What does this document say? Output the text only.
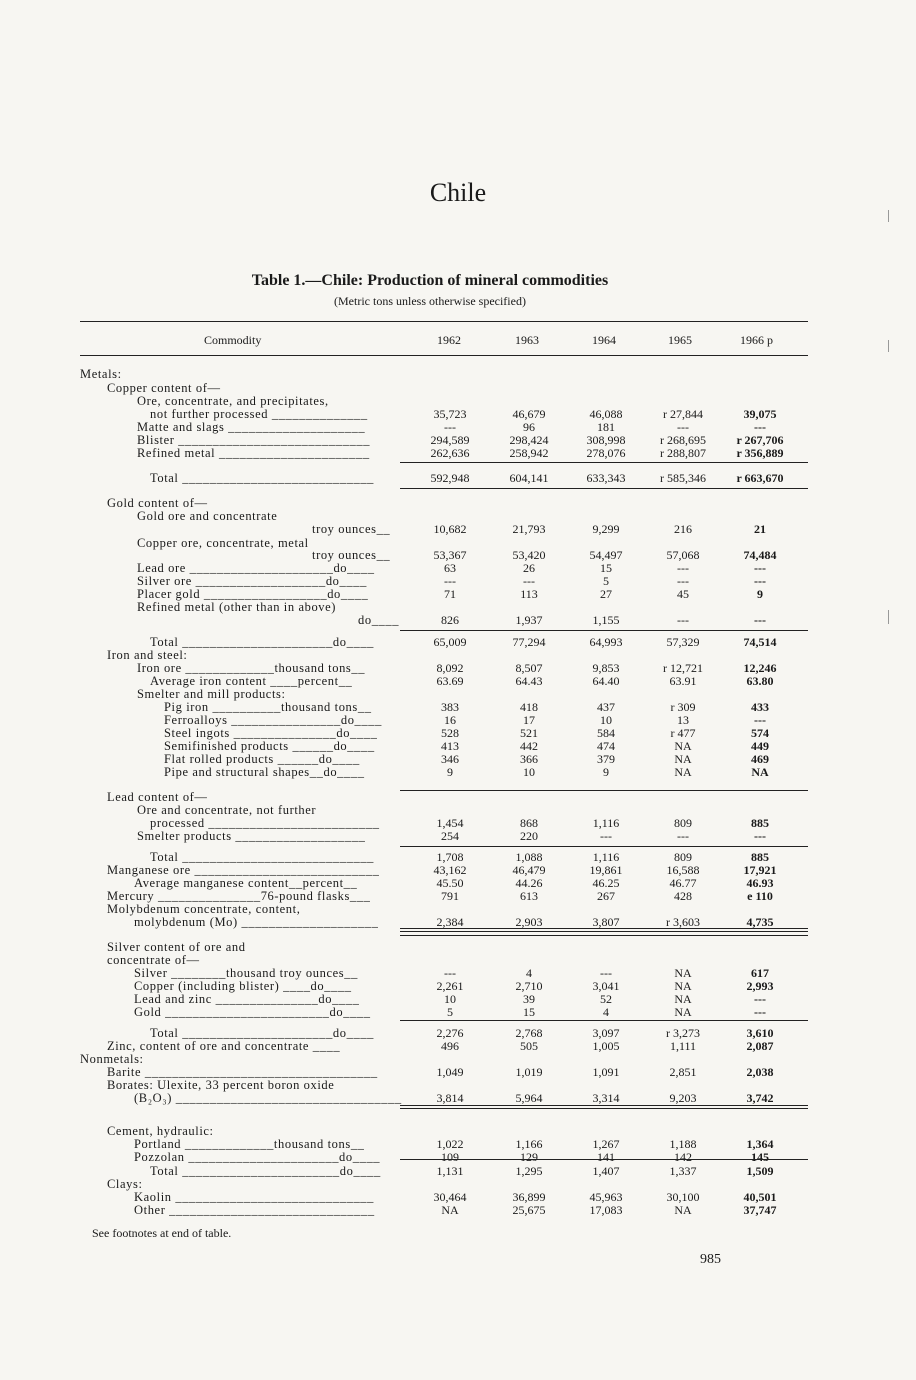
Chile
Table 1.—Chile: Production of mineral commodities
(Metric tons unless otherwise specified)
Commodity	1962	1963	1964	1965	1966 p
Metals:
Copper content of—
Ore, concentrate, and precipitates,
not further processed ______________	35,723	46,679	46,088	r 27,844	39,075
Matte and slags ____________________	---	96	181	---	---
Blister ____________________________	294,589	298,424	308,998	r 268,695	r 267,706
Refined metal ______________________	262,636	258,942	278,076	r 288,807	r 356,889
Total ____________________________	592,948	604,141	633,343	r 585,346	r 663,670
Gold content of—
Gold ore and concentrate
troy ounces__	10,682	21,793	9,299	216	21
Copper ore, concentrate, metal
troy ounces__	53,367	53,420	54,497	57,068	74,484
Lead ore _____________________do____	63	26	15	---	---
Silver ore ___________________do____	---	---	5	---	---
Placer gold __________________do____	71	113	27	45	9
Refined metal (other than in above)
do____	826	1,937	1,155	---	---
Total ______________________do____	65,009	77,294	64,993	57,329	74,514
Iron and steel:
Iron ore _____________thousand tons__	8,092	8,507	9,853	r 12,721	12,246
Average iron content ____percent__	63.69	64.43	64.40	63.91	63.80
Smelter and mill products:
Pig iron __________thousand tons__	383	418	437	r 309	433
Ferroalloys ________________do____	16	17	10	13	---
Steel ingots _______________do____	528	521	584	r 477	574
Semifinished products ______do____	413	442	474	NA	449
Flat rolled products ______do____	346	366	379	NA	469
Pipe and structural shapes__do____	9	10	9	NA	NA
Lead content of—
Ore and concentrate, not further
processed _________________________	1,454	868	1,116	809	885
Smelter products ___________________	254	220	---	---	---
Total ____________________________	1,708	1,088	1,116	809	885
Manganese ore ___________________________	43,162	46,479	19,861	16,588	17,921
Average manganese content__percent__	45.50	44.26	46.25	46.77	46.93
Mercury _______________76-pound flasks___	791	613	267	428	e 110
Molybdenum concentrate, content,
molybdenum (Mo) ____________________	2,384	2,903	3,807	r 3,603	4,735
Silver content of ore and
concentrate of—
Silver ________thousand troy ounces__	---	4	---	NA	617
Copper (including blister) ____do____	2,261	2,710	3,041	NA	2,993
Lead and zinc _______________do____	10	39	52	NA	---
Gold ________________________do____	5	15	4	NA	---
Total ______________________do____	2,276	2,768	3,097	r 3,273	3,610
Zinc, content of ore and concentrate ____	496	505	1,005	1,111	2,087
Nonmetals:
Barite __________________________________	1,049	1,019	1,091	2,851	2,038
Borates: Ulexite, 33 percent boron oxide
(B₂O₃) _________________________________	3,814	5,964	3,314	9,203	3,742
Cement, hydraulic:
Portland _____________thousand tons__	1,022	1,166	1,267	1,188	1,364
Pozzolan ______________________do____	109	129	141	142	145
Total _______________________do____	1,131	1,295	1,407	1,337	1,509
Clays:
Kaolin _____________________________	30,464	36,899	45,963	30,100	40,501
Other ______________________________	NA	25,675	17,083	NA	37,747
See footnotes at end of table.
985
